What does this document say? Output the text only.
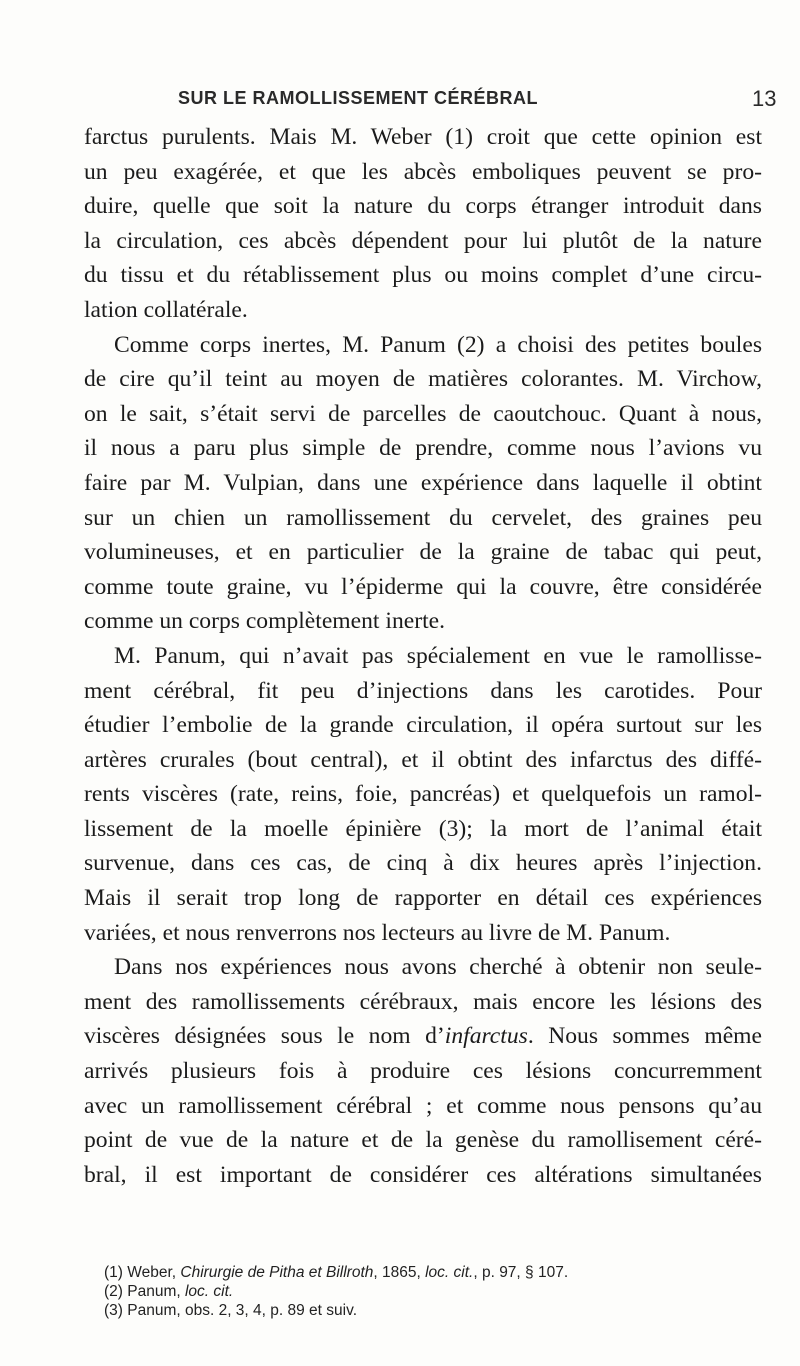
SUR LE RAMOLLISSEMENT CÉRÉBRAL	13
farctus purulents. Mais M. Weber (1) croit que cette opinion est
un peu exagérée, et que les abcès emboliques peuvent se pro-
duire, quelle que soit la nature du corps étranger introduit dans
la circulation, ces abcès dépendent pour lui plutôt de la nature
du tissu et du rétablissement plus ou moins complet d’une circu-
lation collatérale.
Comme corps inertes, M. Panum (2) a choisi des petites boules
de cire qu’il teint au moyen de matières colorantes. M. Virchow,
on le sait, s’était servi de parcelles de caoutchouc. Quant à nous,
il nous a paru plus simple de prendre, comme nous l’avions vu
faire par M. Vulpian, dans une expérience dans laquelle il obtint
sur un chien un ramollissement du cervelet, des graines peu
volumineuses, et en particulier de la graine de tabac qui peut,
comme toute graine, vu l’épiderme qui la couvre, être considérée
comme un corps complètement inerte.
M. Panum, qui n’avait pas spécialement en vue le ramollisse-
ment cérébral, fit peu d’injections dans les carotides. Pour
étudier l’embolie de la grande circulation, il opéra surtout sur les
artères crurales (bout central), et il obtint des infarctus des diffé-
rents viscères (rate, reins, foie, pancréas) et quelquefois un ramol-
lissement de la moelle épinière (3); la mort de l’animal était
survenue, dans ces cas, de cinq à dix heures après l’injection.
Mais il serait trop long de rapporter en détail ces expériences
variées, et nous renverrons nos lecteurs au livre de M. Panum.
Dans nos expériences nous avons cherché à obtenir non seule-
ment des ramollissements cérébraux, mais encore les lésions des
viscères désignées sous le nom d’infarctus. Nous sommes même
arrivés plusieurs fois à produire ces lésions concurremment
avec un ramollissement cérébral ; et comme nous pensons qu’au
point de vue de la nature et de la genèse du ramollisement céré-
bral, il est important de considérer ces altérations simultanées
(1) Weber, Chirurgie de Pitha et Billroth, 1865, loc. cit., p. 97, § 107.
(2) Panum, loc. cit.
(3) Panum, obs. 2, 3, 4, p. 89 et suiv.
